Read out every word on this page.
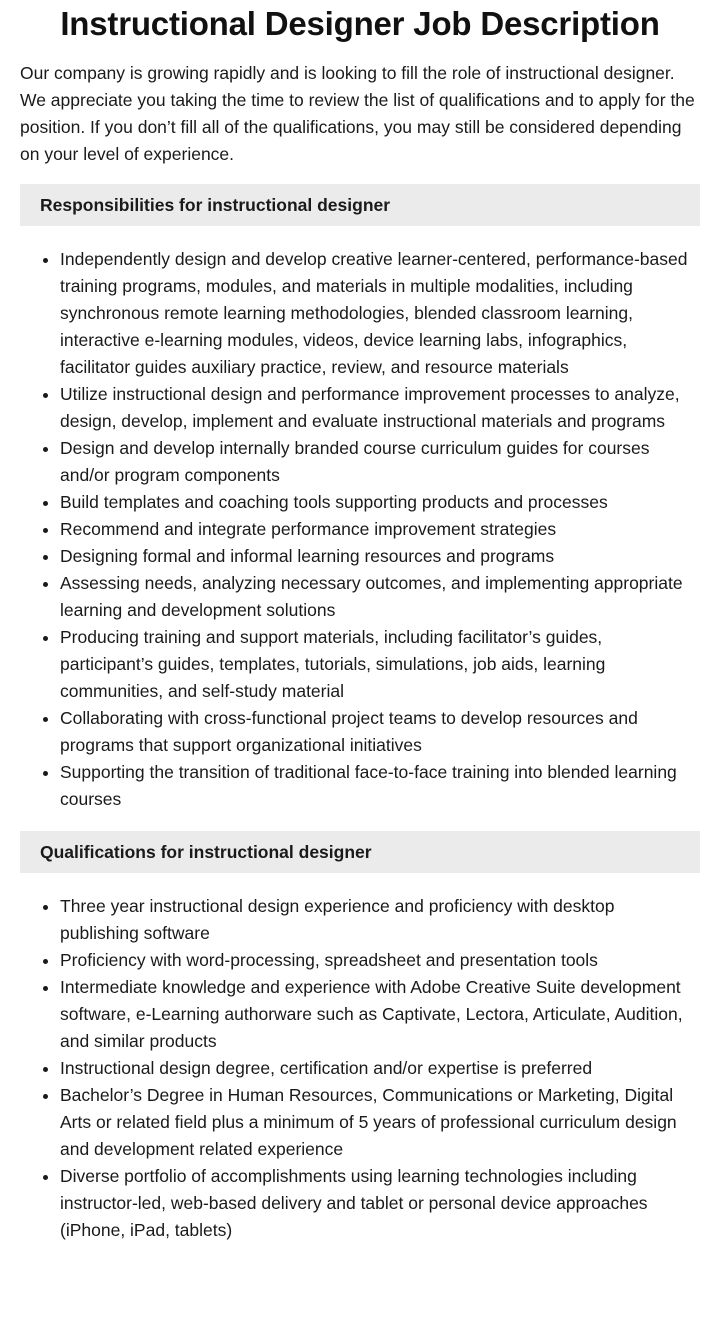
Instructional Designer Job Description

Our company is growing rapidly and is looking to fill the role of instructional designer. We appreciate you taking the time to review the list of qualifications and to apply for the position. If you don’t fill all of the qualifications, you may still be considered depending on your level of experience.

Responsibilities for instructional designer
• Independently design and develop creative learner-centered, performance-based training programs, modules, and materials in multiple modalities, including synchronous remote learning methodologies, blended classroom learning, interactive e-learning modules, videos, device learning labs, infographics, facilitator guides auxiliary practice, review, and resource materials
• Utilize instructional design and performance improvement processes to analyze, design, develop, implement and evaluate instructional materials and programs
• Design and develop internally branded course curriculum guides for courses and/or program components
• Build templates and coaching tools supporting products and processes
• Recommend and integrate performance improvement strategies
• Designing formal and informal learning resources and programs
• Assessing needs, analyzing necessary outcomes, and implementing appropriate learning and development solutions
• Producing training and support materials, including facilitator’s guides, participant’s guides, templates, tutorials, simulations, job aids, learning communities, and self-study material
• Collaborating with cross-functional project teams to develop resources and programs that support organizational initiatives
• Supporting the transition of traditional face-to-face training into blended learning courses
Qualifications for instructional designer
• Three year instructional design experience and proficiency with desktop publishing software
• Proficiency with word-processing, spreadsheet and presentation tools
• Intermediate knowledge and experience with Adobe Creative Suite development software, e-Learning authorware such as Captivate, Lectora, Articulate, Audition, and similar products
• Instructional design degree, certification and/or expertise is preferred
• Bachelor’s Degree in Human Resources, Communications or Marketing, Digital Arts or related field plus a minimum of 5 years of professional curriculum design and development related experience
• Diverse portfolio of accomplishments using learning technologies including instructor-led, web-based delivery and tablet or personal device approaches (iPhone, iPad, tablets)
